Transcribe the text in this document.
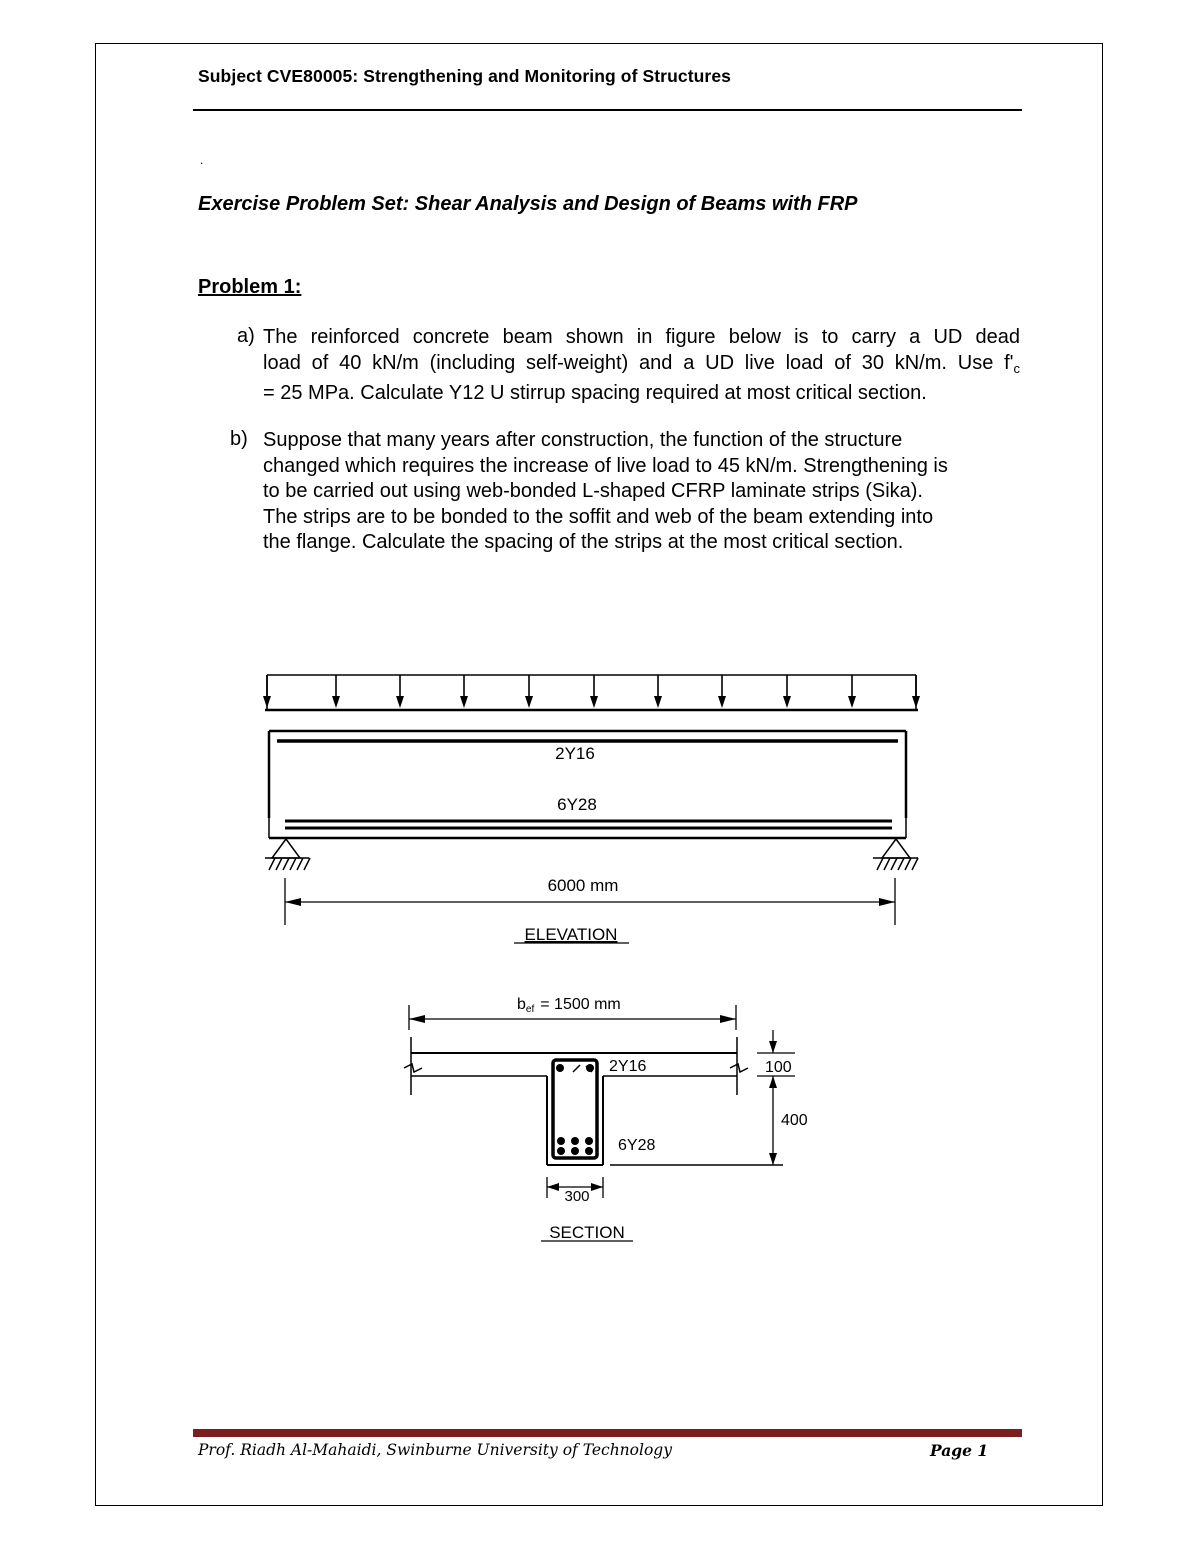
Subject CVE80005: Strengthening and Monitoring of Structures
.
Exercise Problem Set: Shear Analysis and Design of Beams with FRP
Problem 1:
a) The reinforced concrete beam shown in figure below is to carry a UD dead
load of 40 kN/m (including self-weight) and a UD live load of 30 kN/m. Use $f'_c$
= 25 MPa. Calculate Y12 U stirrup spacing required at most critical section.
b) Suppose that many years after construction, the function of the structure
changed which requires the increase of live load to 45 kN/m. Strengthening is
to be carried out using web-bonded L-shaped CFRP laminate strips (Sika).
The strips are to be bonded to the soffit and web of the beam extending into
the flange. Calculate the spacing of the strips at the most critical section.
2Y16
6Y28
6000 mm
ELEVATION
bef = 1500 mm
2Y16
6Y28
100
400
300
SECTION
Prof. Riadh Al-Mahaidi, Swinburne University of Technology	Page 1
